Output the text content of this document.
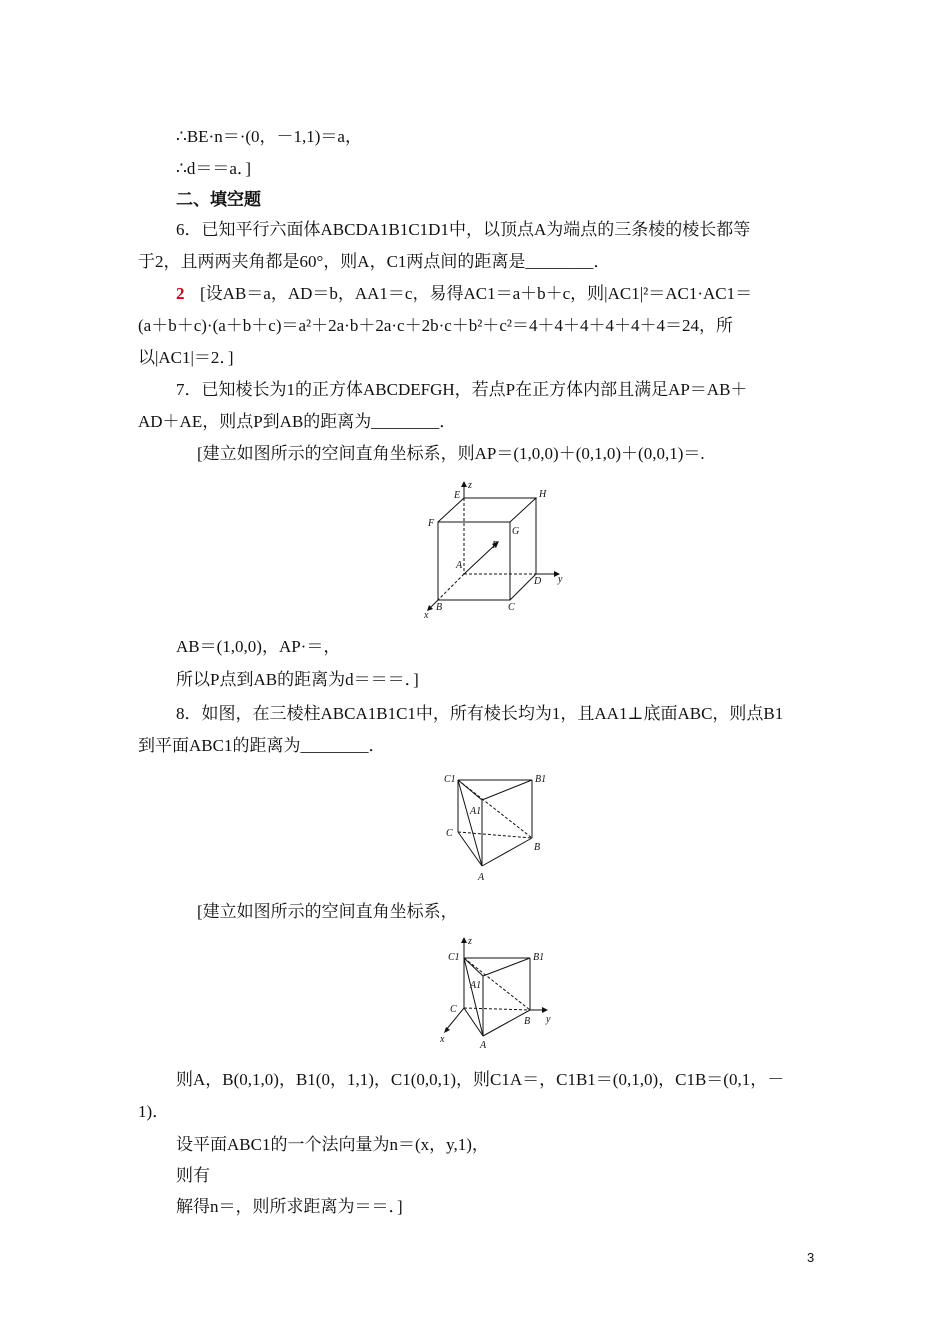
∴BE·n＝·(0，－1,1)＝a，
∴d＝＝a．]
二、填空题
6．已知平行六面体ABCDA1B1C1D1中，以顶点A为端点的三条棱的棱长都等
于2，且两两夹角都是60°，则A，C1两点间的距离是________．
2 [设AB＝a，AD＝b，AA1＝c，易得AC1＝a＋b＋c，则|AC1|²＝AC1·AC1＝
(a＋b＋c)·(a＋b＋c)＝a²＋2a·b＋2a·c＋2b·c＋b²＋c²＝4＋4＋4＋4＋4＋4＝24，所
以|AC1|＝2．]
7．已知棱长为1的正方体ABCDEFGH，若点P在正方体内部且满足AP＝AB＋
AD＋AE，则点P到AB的距离为________．
[建立如图所示的空间直角坐标系，则AP＝(1,0,0)＋(0,1,0)＋(0,0,1)＝.
E
z
H
F
G
P
A
D y
B	C
x
AB＝(1,0,0)，AP·＝，
所以P点到AB的距离为d＝＝＝．]
8．如图，在三棱柱ABCA1B1C1中，所有棱长均为1，且AA1⊥底面ABC，则点B1
到平面ABC1的距离为________．
C1	B1
A1
C
B
A
[建立如图所示的空间直角坐标系，
z
C1	B1
A1
C
B y
x
A
则A，B(0,1,0)，B1(0，1,1)，C1(0,0,1)，则C1A＝，C1B1＝(0,1,0)，C1B＝(0,1，－
1)．
设平面ABC1的一个法向量为n＝(x，y,1)，
则有
解得n＝，则所求距离为＝＝．]
3
